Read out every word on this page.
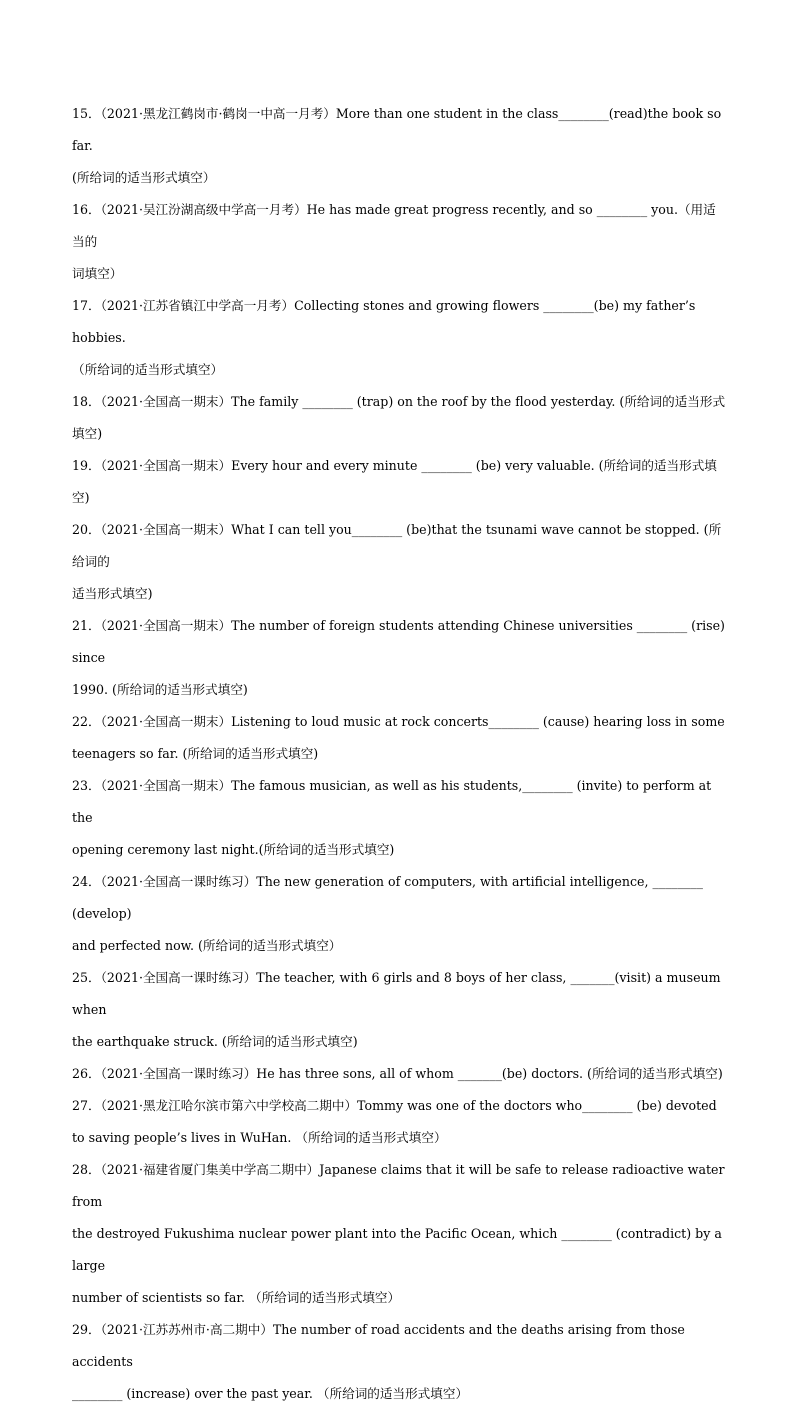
15．（2021·黑龙江鹤岗市·鹤岗一中高一月考）More than one student in the class________(read)the book so far.

(所给词的适当形式填空）

16．（2021·吴江汾湖高级中学高一月考）He has made great progress recently, and so ________ you.（用适当的

词填空）

17．（2021·江苏省镇江中学高一月考）Collecting stones and growing flowers ________(be) my father’s hobbies.

（所给词的适当形式填空）

18．（2021·全国高一期末）The family ________ (trap) on the roof by the flood yesterday. (所给词的适当形式

填空)

19．（2021·全国高一期末）Every hour and every minute ________ (be) very valuable. (所给词的适当形式填空)

20．（2021·全国高一期末）What I can tell you________ (be)that the tsunami wave cannot be stopped. (所给词的

适当形式填空)

21．（2021·全国高一期末）The number of foreign students attending Chinese universities ________ (rise) since

1990. (所给词的适当形式填空)

22．（2021·全国高一期末）Listening to loud music at rock concerts________ (cause) hearing loss in some

teenagers so far. (所给词的适当形式填空)

23．（2021·全国高一期末）The famous musician, as well as his students,________ (invite) to perform at the

opening ceremony last night.(所给词的适当形式填空)

24．（2021·全国高一课时练习）The new generation of computers, with artificial intelligence, ________ (develop)

and perfected now. (所给词的适当形式填空）

25．（2021·全国高一课时练习）The teacher, with 6 girls and 8 boys of her class, _______(visit) a museum when

the earthquake struck. (所给词的适当形式填空)

26．（2021·全国高一课时练习）He has three sons, all of whom _______(be) doctors. (所给词的适当形式填空)

27．（2021·黑龙江哈尔滨市第六中学校高二期中）Tommy was one of the doctors who________ (be) devoted

to saving people’s lives in WuHan. （所给词的适当形式填空）

28．（2021·福建省厦门集美中学高二期中）Japanese claims that it will be safe to release radioactive water from

the destroyed Fukushima nuclear power plant into the Pacific Ocean, which ________ (contradict) by a large

number of scientists so far. （所给词的适当形式填空）

29．（2021·江苏苏州市·高二期中）The number of road accidents and the deaths arising from those accidents

________ (increase) over the past year. （所给词的适当形式填空）
